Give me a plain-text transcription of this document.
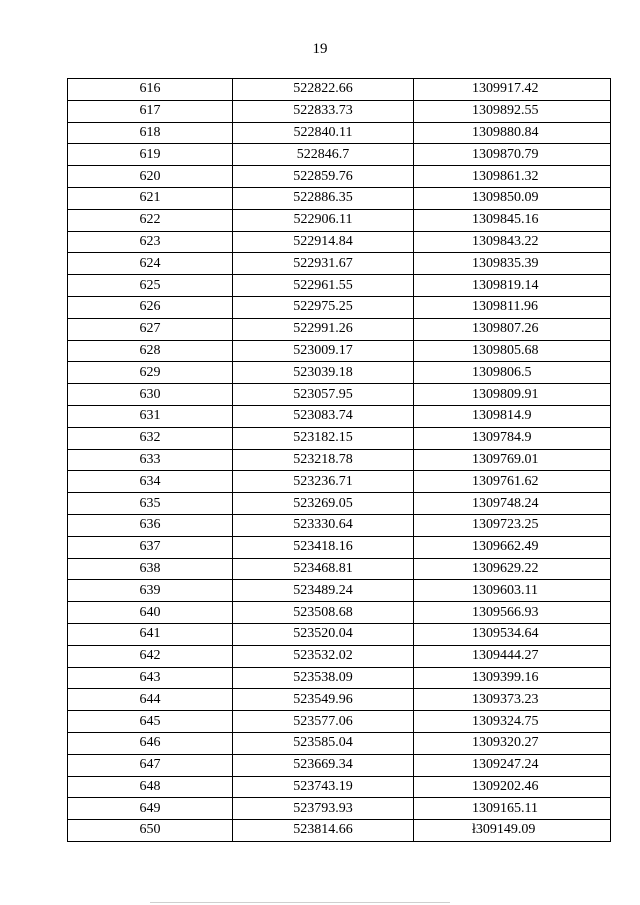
19
616	522822.66	1309917.42
617	522833.73	1309892.55
618	522840.11	1309880.84
619	522846.7	1309870.79
620	522859.76	1309861.32
621	522886.35	1309850.09
622	522906.11	1309845.16
623	522914.84	1309843.22
624	522931.67	1309835.39
625	522961.55	1309819.14
626	522975.25	1309811.96
627	522991.26	1309807.26
628	523009.17	1309805.68
629	523039.18	1309806.5
630	523057.95	1309809.91
631	523083.74	1309814.9
632	523182.15	1309784.9
633	523218.78	1309769.01
634	523236.71	1309761.62
635	523269.05	1309748.24
636	523330.64	1309723.25
637	523418.16	1309662.49
638	523468.81	1309629.22
639	523489.24	1309603.11
640	523508.68	1309566.93
641	523520.04	1309534.64
642	523532.02	1309444.27
643	523538.09	1309399.16
644	523549.96	1309373.23
645	523577.06	1309324.75
646	523585.04	1309320.27
647	523669.34	1309247.24
648	523743.19	1309202.46
649	523793.93	1309165.11
650	523814.66	ł309149.09
